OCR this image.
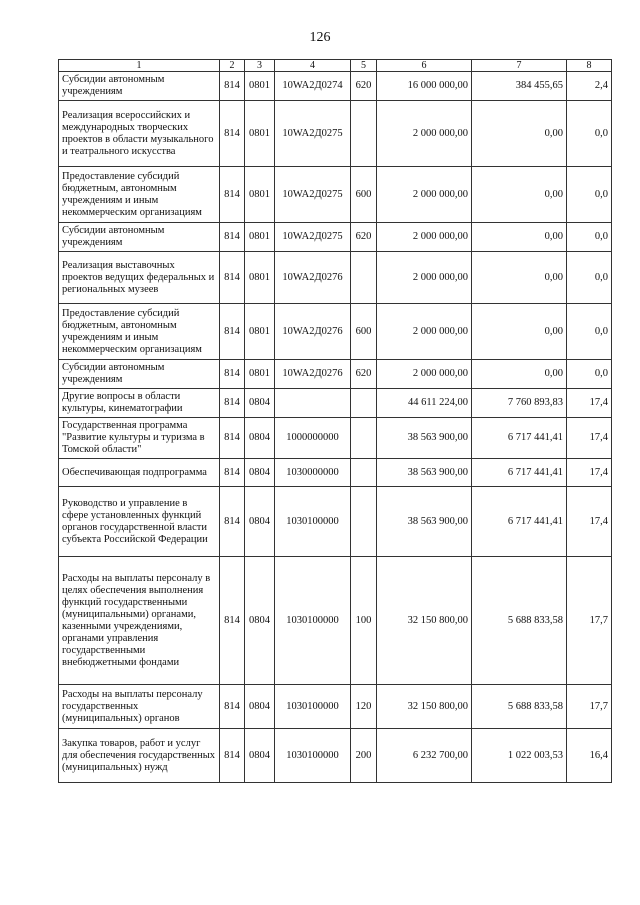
126
1	2	3	4	5	6	7	8
Субсидии автономным учреждениям	814	0801	10WA2Д0274	620	16 000 000,00	384 455,65	2,4
Реализация всероссийских и международных творческих проектов в области музыкального и театрального искусства	814	0801	10WA2Д0275		2 000 000,00	0,00	0,0
Предоставление субсидий бюджетным, автономным учреждениям и иным некоммерческим организациям	814	0801	10WA2Д0275	600	2 000 000,00	0,00	0,0
Субсидии автономным учреждениям	814	0801	10WA2Д0275	620	2 000 000,00	0,00	0,0
Реализация выставочных проектов ведущих федеральных и региональных музеев	814	0801	10WA2Д0276		2 000 000,00	0,00	0,0
Предоставление субсидий бюджетным, автономным учреждениям и иным некоммерческим организациям	814	0801	10WA2Д0276	600	2 000 000,00	0,00	0,0
Субсидии автономным учреждениям	814	0801	10WA2Д0276	620	2 000 000,00	0,00	0,0
Другие вопросы в области культуры, кинематографии	814	0804			44 611 224,00	7 760 893,83	17,4
Государственная программа "Развитие культуры и туризма в Томской области"	814	0804	1000000000		38 563 900,00	6 717 441,41	17,4
Обеспечивающая подпрограмма	814	0804	1030000000		38 563 900,00	6 717 441,41	17,4
Руководство и управление в сфере установленных функций органов государственной власти субъекта Российской Федерации	814	0804	1030100000		38 563 900,00	6 717 441,41	17,4
Расходы на выплаты персоналу в целях обеспечения выполнения функций государственными (муниципальными) органами, казенными учреждениями, органами управления государственными внебюджетными фондами	814	0804	1030100000	100	32 150 800,00	5 688 833,58	17,7
Расходы на выплаты персоналу государственных (муниципальных) органов	814	0804	1030100000	120	32 150 800,00	5 688 833,58	17,7
Закупка товаров, работ и услуг для обеспечения государственных (муниципальных) нужд	814	0804	1030100000	200	6 232 700,00	1 022 003,53	16,4
